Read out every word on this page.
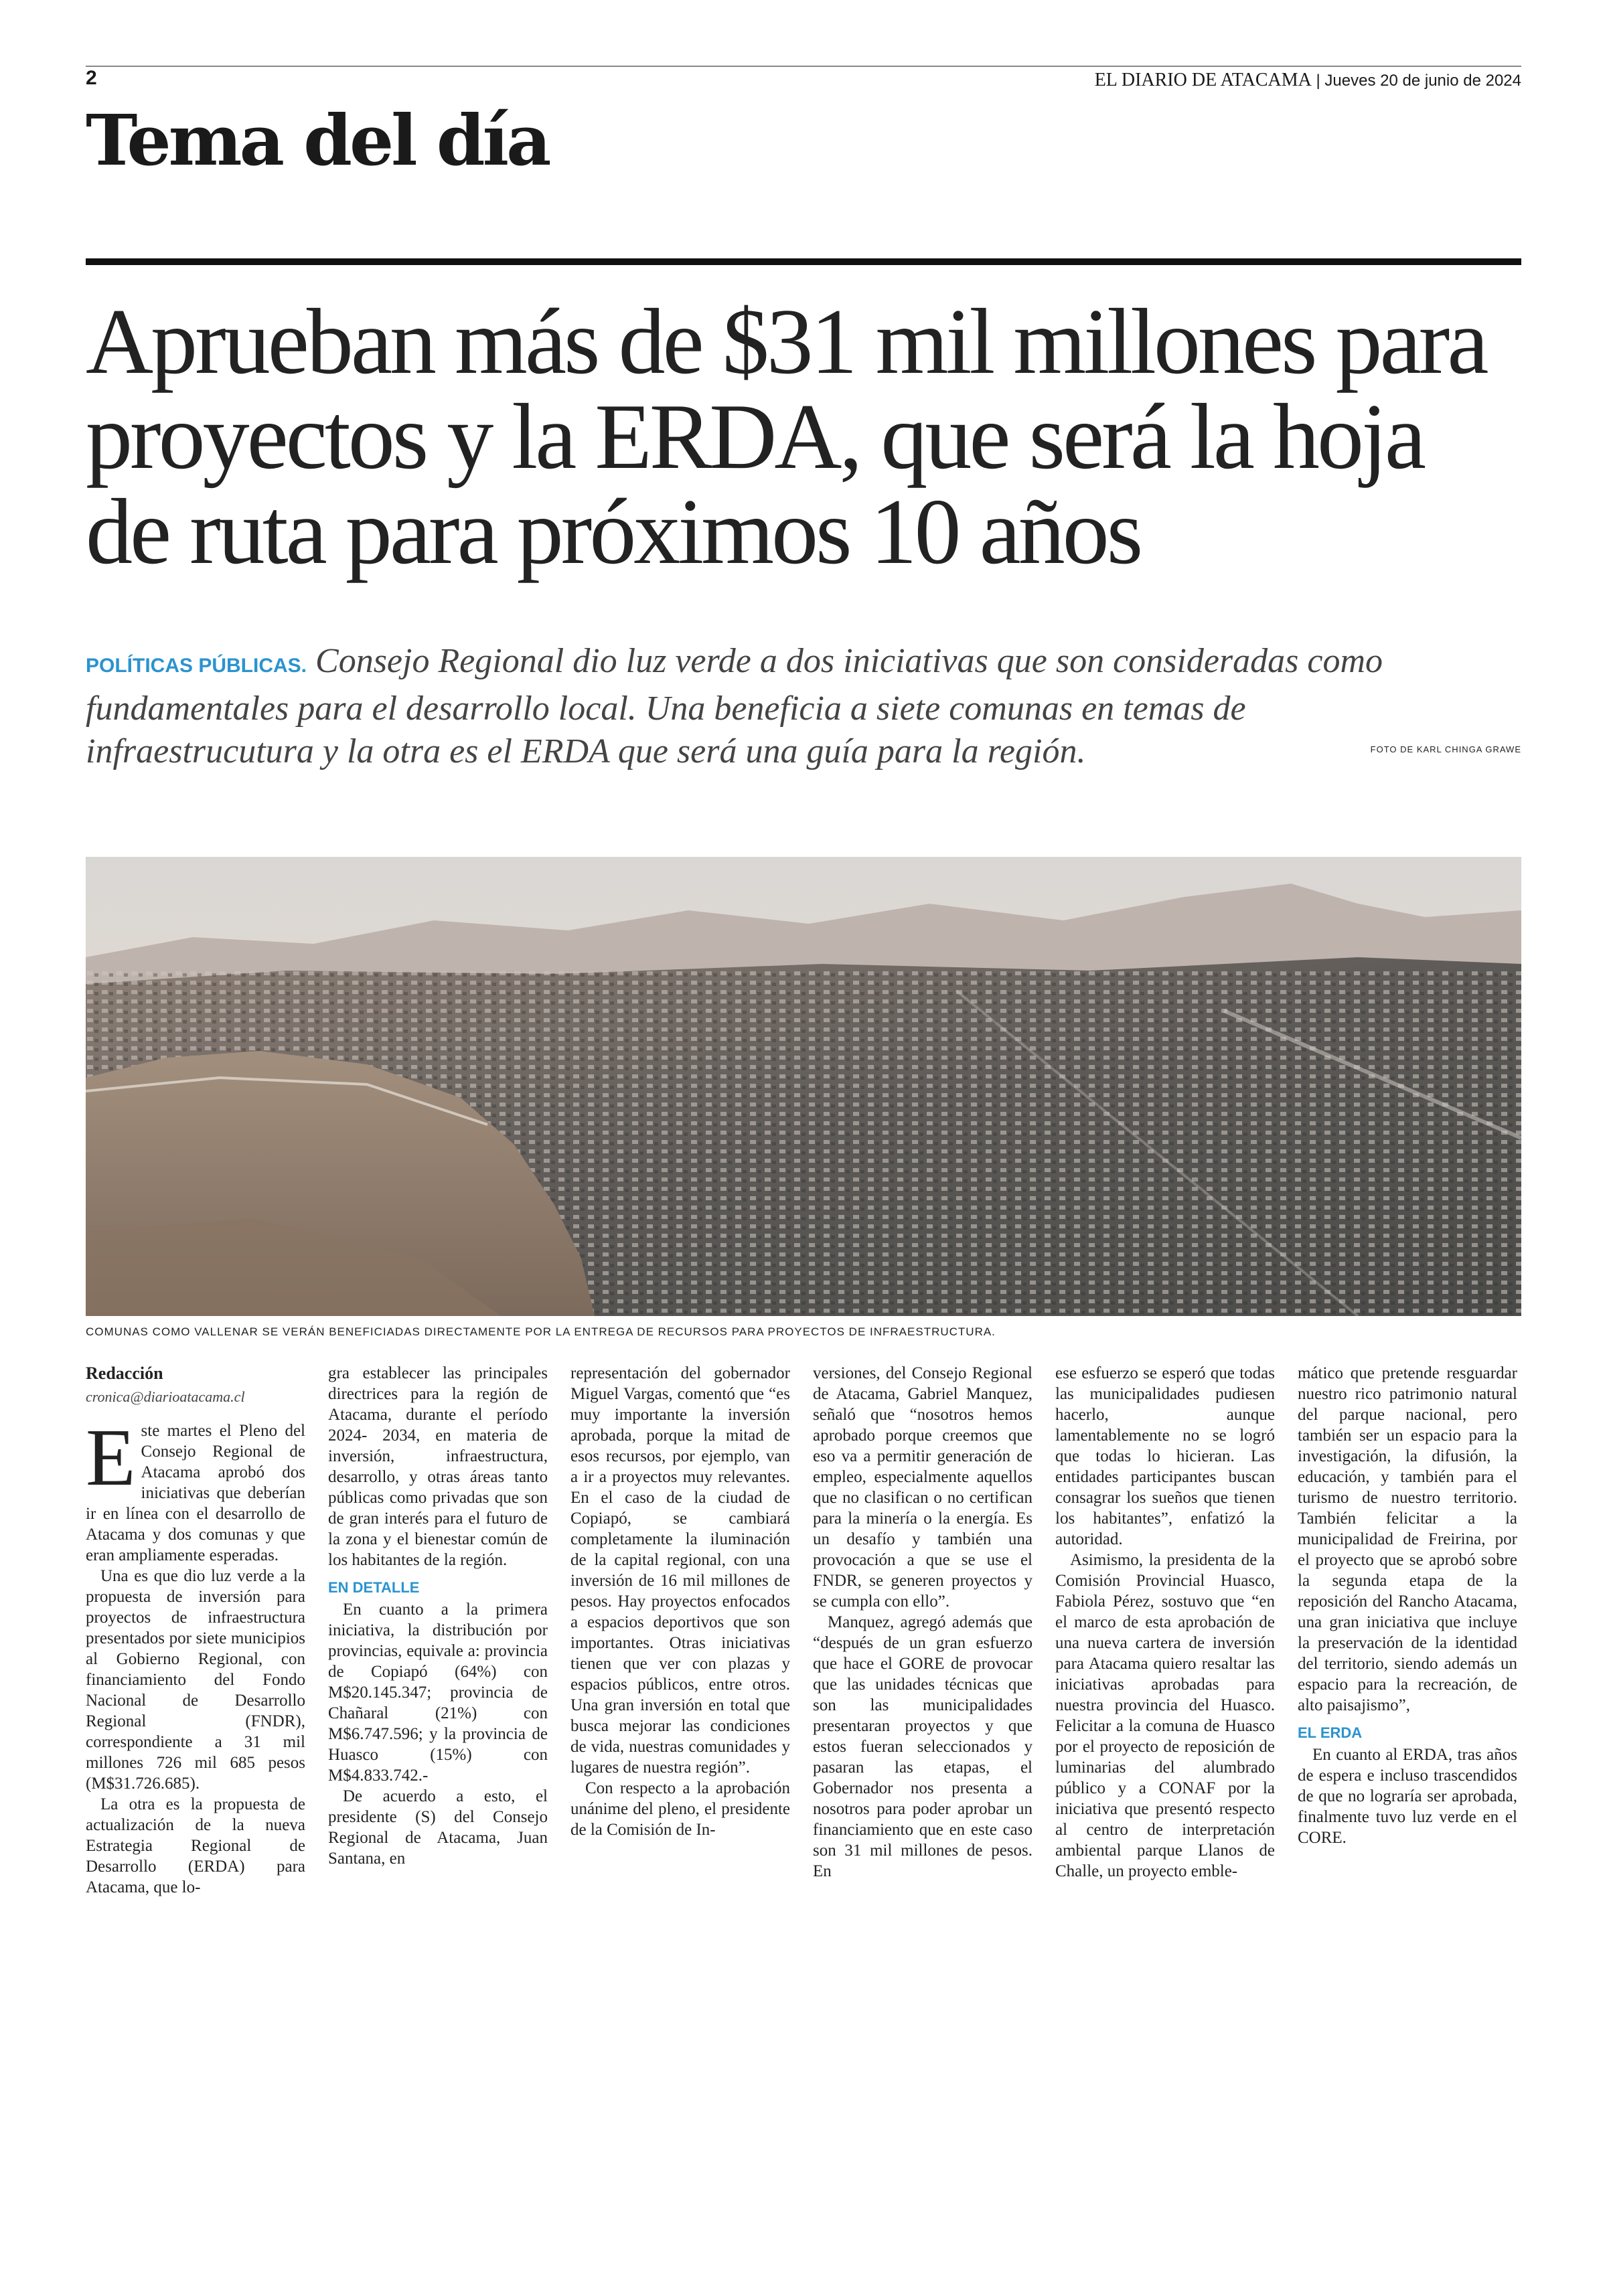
2	EL DIARIO DE ATACAMA | Jueves 20 de junio de 2024
Tema del día
Aprueban más de $31 mil millones para proyectos y la ERDA, que será la hoja de ruta para próximos 10 años
POLÍTICAS PÚBLICAS. Consejo Regional dio luz verde a dos iniciativas que son consideradas como fundamentales para el desarrollo local. Una beneficia a siete comunas en temas de infraestrucutura y la otra es el ERDA que será una guía para la región.	FOTO DE KARL CHINGA GRAWE
COMUNAS COMO VALLENAR SE VERÁN BENEFICIADAS DIRECTAMENTE POR LA ENTREGA DE RECURSOS PARA PROYECTOS DE INFRAESTRUCTURA.
Redacción
cronica@diarioatacama.cl

Este martes el Pleno del Consejo Regional de Atacama aprobó dos iniciativas que deberían ir en línea con el desarrollo de Atacama y dos comunas y que eran ampliamente esperadas.

Una es que dio luz verde a la propuesta de inversión para proyectos de infraestructura presentados por siete municipios al Gobierno Regional, con financiamiento del Fondo Nacional de Desarrollo Regional (FNDR), correspondiente a 31 mil millones 726 mil 685 pesos (M$31.726.685).

La otra es la propuesta de actualización de la nueva Estrategia Regional de Desarrollo (ERDA) para Atacama, que lo-

gra establecer las principales directrices para la región de Atacama, durante el período 2024- 2034, en materia de inversión, infraestructura, desarrollo, y otras áreas tanto públicas como privadas que son de gran interés para el futuro de la zona y el bienestar común de los habitantes de la región.

EN DETALLE

En cuanto a la primera iniciativa, la distribución por provincias, equivale a: provincia de Copiapó (64%) con M$20.145.347; provincia de Chañaral (21%) con M$6.747.596; y la provincia de Huasco (15%) con M$4.833.742.-

De acuerdo a esto, el presidente (S) del Consejo Regional de Atacama, Juan Santana, en

representación del gobernador Miguel Vargas, comentó que “es muy importante la inversión aprobada, porque la mitad de esos recursos, por ejemplo, van a ir a proyectos muy relevantes. En el caso de la ciudad de Copiapó, se cambiará completamente la iluminación de la capital regional, con una inversión de 16 mil millones de pesos. Hay proyectos enfocados a espacios deportivos que son importantes. Otras iniciativas tienen que ver con plazas y espacios públicos, entre otros. Una gran inversión en total que busca mejorar las condiciones de vida, nuestras comunidades y lugares de nuestra región”.

Con respecto a la aprobación unánime del pleno, el presidente de la Comisión de In-

versiones, del Consejo Regional de Atacama, Gabriel Manquez, señaló que “nosotros hemos aprobado porque creemos que eso va a permitir generación de empleo, especialmente aquellos que no clasifican o no certifican para la minería o la energía. Es un desafío y también una provocación a que se use el FNDR, se generen proyectos y se cumpla con ello”.

Manquez, agregó además que “después de un gran esfuerzo que hace el GORE de provocar que las unidades técnicas que son las municipalidades presentaran proyectos y que estos fueran seleccionados y pasaran las etapas, el Gobernador nos presenta a nosotros para poder aprobar un financiamiento que en este caso son 31 mil millones de pesos. En

ese esfuerzo se esperó que todas las municipalidades pudiesen hacerlo, aunque lamentablemente no se logró que todas lo hicieran. Las entidades participantes buscan consagrar los sueños que tienen los habitantes”, enfatizó la autoridad.

Asimismo, la presidenta de la Comisión Provincial Huasco, Fabiola Pérez, sostuvo que “en el marco de esta aprobación de una nueva cartera de inversión para Atacama quiero resaltar las iniciativas aprobadas para nuestra provincia del Huasco. Felicitar a la comuna de Huasco por el proyecto de reposición de luminarias del alumbrado público y a CONAF por la iniciativa que presentó respecto al centro de interpretación ambiental parque Llanos de Challe, un proyecto emble-

mático que pretende resguardar nuestro rico patrimonio natural del parque nacional, pero también ser un espacio para la investigación, la difusión, la educación, y también para el turismo de nuestro territorio. También felicitar a la municipalidad de Freirina, por el proyecto que se aprobó sobre la segunda etapa de la reposición del Rancho Atacama, una gran iniciativa que incluye la preservación de la identidad del territorio, siendo además un espacio para la recreación, de alto paisajismo”,

EL ERDA

En cuanto al ERDA, tras años de espera e incluso trascendidos de que no lograría ser aprobada, finalmente tuvo luz verde en el CORE.
